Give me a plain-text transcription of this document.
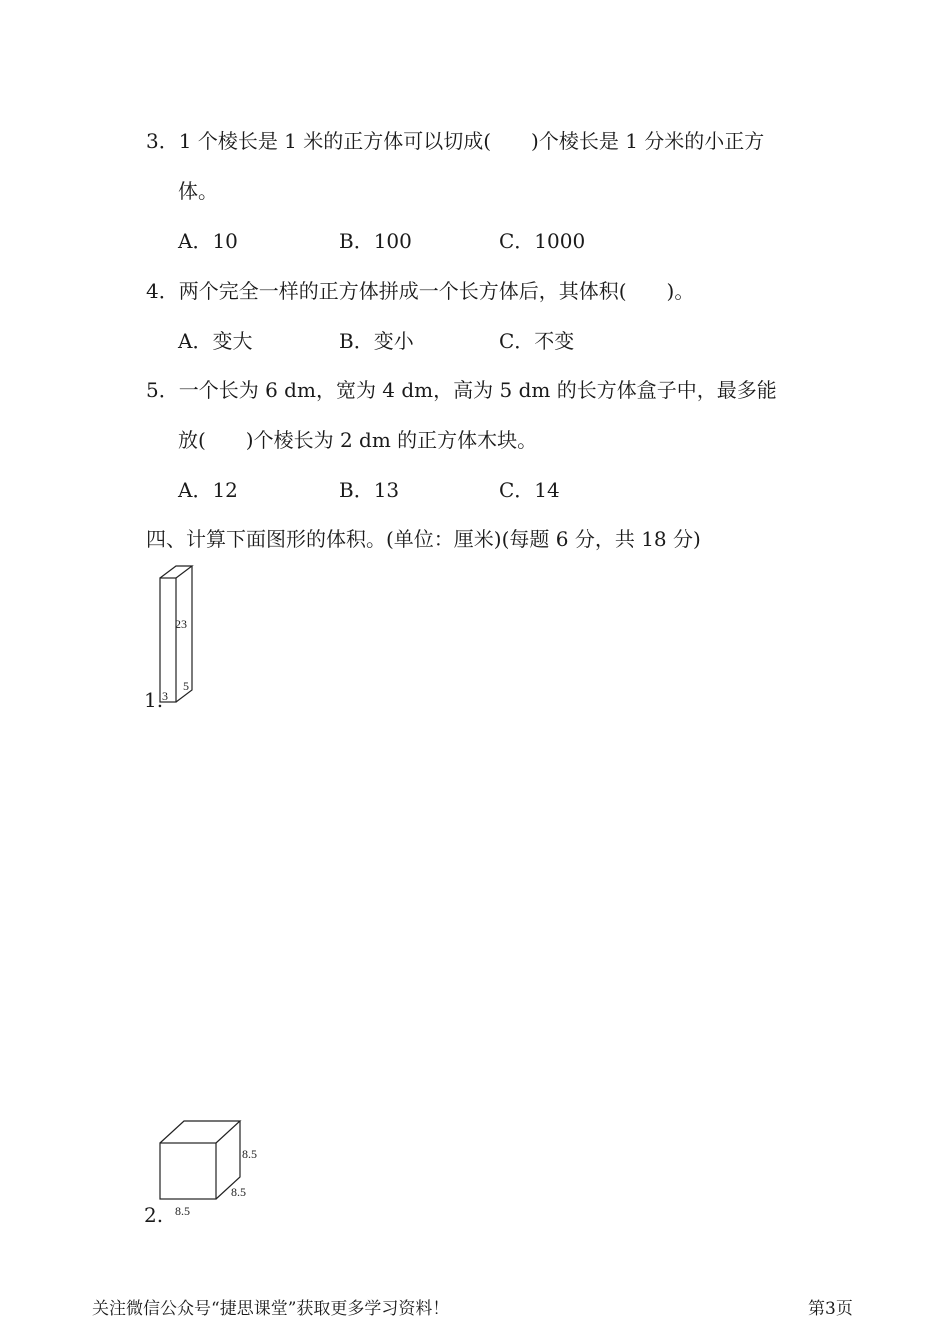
3．1 个棱长是 1 米的正方体可以切成(　　)个棱长是 1 分米的小正方
体。
A．10	B．100	C．1000
4．两个完全一样的正方体拼成一个长方体后，其体积(　　)。
A．变大	B．变小	C．不变
5．一个长为 6 dm，宽为 4 dm，高为 5 dm 的长方体盒子中，最多能
放(　　)个棱长为 2 dm 的正方体木块。
A．12	B．13	C．14
四、计算下面图形的体积。(单位：厘米)(每题 6 分，共 18 分)
1.
23
5
3
2.
8.5
8.5
8.5
关注微信公众号“捷思课堂”获取更多学习资料！	第3页
